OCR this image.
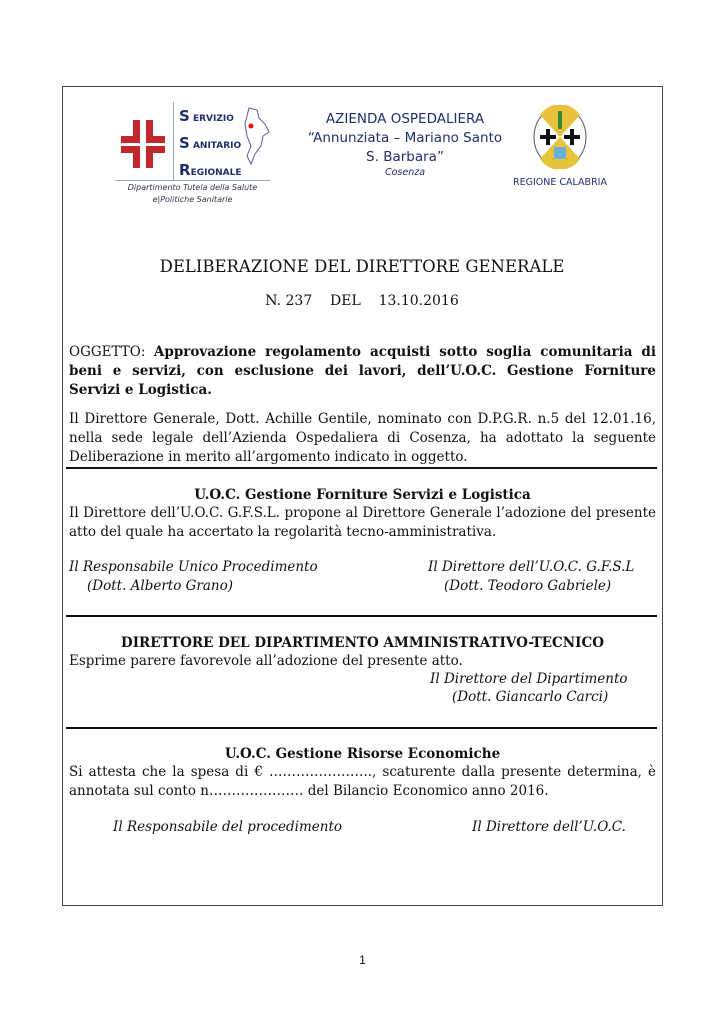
S ERVIZIO
S ANITARIO
REGIONALE
Dipartimento Tutela della Salute
e|Politiche Sanitarie
AZIENDA OSPEDALIERA
“Annunziata – Mariano Santo
S. Barbara”
Cosenza
REGIONE CALABRIA
DELIBERAZIONE DEL DIRETTORE GENERALE
N. 237    DEL    13.10.2016
OGGETTO: Approvazione regolamento acquisti sotto soglia comunitaria di beni e servizi, con esclusione dei lavori, dell’U.O.C. Gestione Forniture Servizi e Logistica.
Il Direttore Generale, Dott. Achille Gentile, nominato con D.P.G.R. n.5 del 12.01.16, nella sede legale dell’Azienda Ospedaliera di Cosenza, ha adottato la seguente Deliberazione in merito all’argomento indicato in oggetto.
U.O.C. Gestione Forniture Servizi e Logistica
Il Direttore dell’U.O.C. G.F.S.L. propone al Direttore Generale l’adozione del presente atto del quale ha accertato la regolarità tecno-amministrativa.
Il Responsabile Unico Procedimento
(Dott. Alberto Grano)
Il Direttore dell’U.O.C. G.F.S.L
(Dott. Teodoro Gabriele)
DIRETTORE DEL DIPARTIMENTO AMMINISTRATIVO-TECNICO
Esprime parere favorevole all’adozione del presente atto.
Il Direttore del Dipartimento
(Dott. Giancarlo Carci)
U.O.C. Gestione Risorse Economiche
Si attesta che la spesa di € ………………….., scaturente dalla presente determina, è annotata sul conto n………………… del Bilancio Economico anno 2016.
Il Responsabile del procedimento	Il Direttore dell’U.O.C.
1
